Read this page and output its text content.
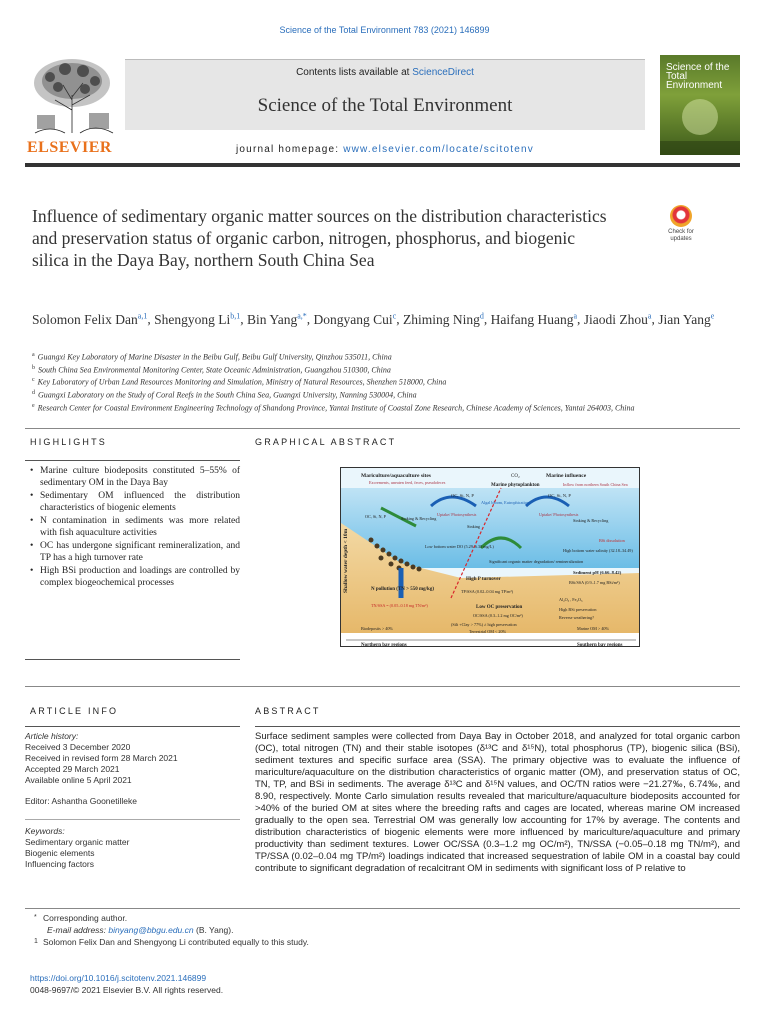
Science of the Total Environment 783 (2021) 146899
ELSEVIER
Contents lists available at ScienceDirect
Science of the Total Environment
journal homepage: www.elsevier.com/locate/scitotenv
Science of the Total Environment
Influence of sedimentary organic matter sources on the distribution characteristics and preservation status of organic carbon, nitrogen, phosphorus, and biogenic silica in the Daya Bay, northern South China Sea
Check for updates
Solomon Felix Dan$^{a,1}$, Shengyong Li$^{b,1}$, Bin Yang$^{a,*}$, Dongyang Cui$^c$, Zhiming Ning$^d$, Haifang Huang$^a$, Jiaodi Zhou$^a$, Jian Yang$^e$
$^a$ Guangxi Key Laboratory of Marine Disaster in the Beibu Gulf, Beibu Gulf University, Qinzhou 535011, China
$^b$ South China Sea Environmental Monitoring Center, State Oceanic Administration, Guangzhou 510300, China
$^c$ Key Laboratory of Urban Land Resources Monitoring and Simulation, Ministry of Natural Resources, Shenzhen 518000, China
$^d$ Guangxi Laboratory on the Study of Coral Reefs in the South China Sea, Guangxi University, Nanning 530004, China
$^e$ Research Center for Coastal Environment Engineering Technology of Shandong Province, Yantai Institute of Coastal Zone Research, Chinese Academy of Sciences, Yantai 264003, China
HIGHLIGHTS	GRAPHICAL ABSTRACT
• Marine culture biodeposits constituted 5–55% of sedimentary OM in the Daya Bay
• Sedimentary OM influenced the distribution characteristics of biogenic elements
• N contamination in sediments was more related with fish aquaculture activities
• OC has undergone significant remineralization, and TP has a high turnover rate
• High BSi production and loadings are controlled by complex biogeochemical processes	Shallow water depth < 10m
Mariculture/aquaculture sites
Excrements, uneaten feed, feces, pseudofeces
CO₂
Marine phytoplankton
Marine influence
Inflow from northern South China Sea
OC, Si, N, P	OC, Si, N, P
Uptake/ Photosynthesis	Uptake/ Photosynthesis
Algal bloom, Eutrophication
OC, Si, N, P	Sinking & Recycling	Sinking & Recycling
Sinking
BSi dissolution
Low bottom water DO (5.29–6.35 mg/L)
Significant organic matter degradation/ remineralization
High bottom water salinity (32.18–34.49)
Sediment pH (6.66–8.42)
N pollution (TN > 550 mg/kg)
TN/SSA = (0.05–0.18 mg TN/m²)
High P turnover
TP/SSA (0.02–0.04 mg TP/m²)
Low OC preservation
OC/SSA (0.3–1.2 mg OC/m²)
(Silt +Clay > 77%) ≠ high preservation
BSi/SSA (0.9–1.7 mg BSi/m²)
Al₂O₃ , Fe₂O₃
High BSi preservation
Reverse weathering?
Biodeposits > 40%
Terrestrial OM < 20%
Marine OM > 40%
Northern bay regions	Southern bay regions
ARTICLE INFO	ABSTRACT
Article history:
Received 3 December 2020
Received in revised form 28 March 2021
Accepted 29 March 2021
Available online 5 April 2021
Editor: Ashantha Goonetilleke
Keywords:
Sedimentary organic matter
Biogenic elements
Influencing factors

Surface sediment samples were collected from Daya Bay in October 2018, and analyzed for total organic carbon (OC), total nitrogen (TN) and their stable isotopes (δ¹³C and δ¹⁵N), total phosphorus (TP), biogenic silica (BSi), sediment textures and specific surface area (SSA). The primary objective was to evaluate the influence of mariculture/aquaculture on the distribution characteristics of organic matter (OM), and preservation status of OC, TN, TP, and BSi in sediments. The average δ¹³C and δ¹⁵N values, and OC/TN ratios were −21.27‰, 6.74‰, and 8.90, respectively. Monte Carlo simulation results revealed that mariculture/aquaculture biodeposits accounted for >40% of the buried OM at sites where the breeding rafts and cages are located, whereas marine OM increased gradually to the open sea. Terrestrial OM was generally low accounting for 17% by average. The contents and distribution characteristics of biogenic elements were more influenced by mariculture/aquaculture and primary productivity than sediment textures. Lower OC/SSA (0.3–1.2 mg OC/m²), TN/SSA (−0.05–0.18 mg TN/m²), and TP/SSA (0.02–0.04 mg TP/m²) loadings indicated that increased sequestration of labile OM in a coastal bay could contribute to significant degradation of recalcitrant OM in sediments with significant loss of P relative to

* Corresponding author.
E-mail address: binyang@bbgu.edu.cn (B. Yang).
1 Solomon Felix Dan and Shengyong Li contributed equally to this study.
https://doi.org/10.1016/j.scitotenv.2021.146899
0048-9697/© 2021 Elsevier B.V. All rights reserved.
